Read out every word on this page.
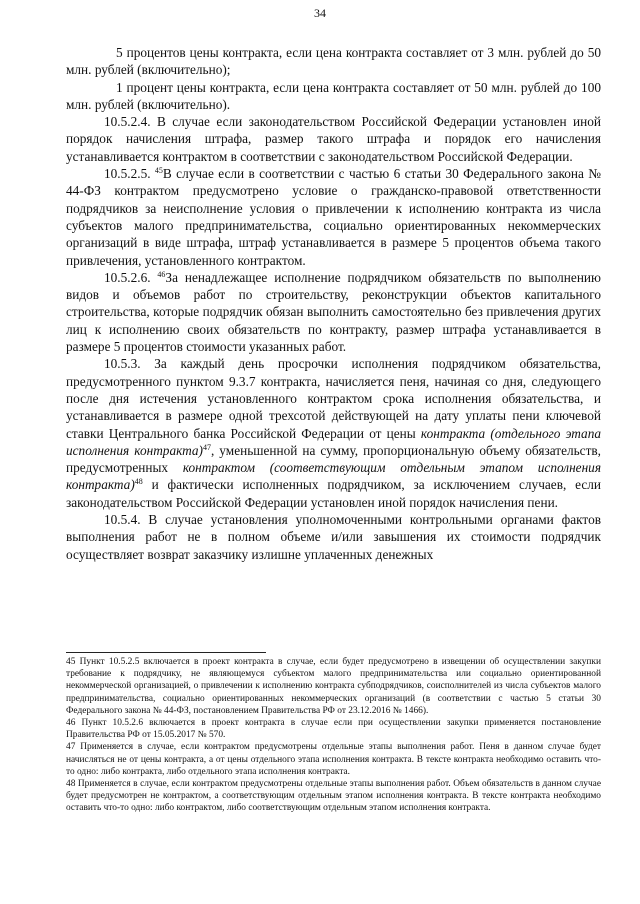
34

5 процентов цены контракта, если цена контракта составляет от 3 млн. рублей до 50 млн. рублей (включительно);

1 процент цены контракта, если цена контракта составляет от 50 млн. рублей до 100 млн. рублей (включительно).

10.5.2.4. В случае если законодательством Российской Федерации установлен иной порядок начисления штрафа, размер такого штрафа и порядок его начисления устанавливается контрактом в соответствии с законодательством Российской Федерации.

10.5.2.5. $^{45}$В случае если в соответствии с частью 6 статьи 30 Федерального закона № 44-ФЗ контрактом предусмотрено условие о гражданско-правовой ответственности подрядчиков за неисполнение условия о привлечении к исполнению контракта из числа субъектов малого предпринимательства, социально ориентированных некоммерческих организаций в виде штрафа, штраф устанавливается в размере 5 процентов объема такого привлечения, установленного контрактом.

10.5.2.6. $^{46}$За ненадлежащее исполнение подрядчиком обязательств по выполнению видов и объемов работ по строительству, реконструкции объектов капитального строительства, которые подрядчик обязан выполнить самостоятельно без привлечения других лиц к исполнению своих обязательств по контракту, размер штрафа устанавливается в размере 5 процентов стоимости указанных работ.

10.5.3. За каждый день просрочки исполнения подрядчиком обязательства, предусмотренного пунктом 9.3.7 контракта, начисляется пеня, начиная со дня, следующего после дня истечения установленного контрактом срока исполнения обязательства, и устанавливается в размере одной трехсотой действующей на дату уплаты пени ключевой ставки Центрального банка Российской Федерации от цены контракта (отдельного этапа исполнения контракта)$^{47}$, уменьшенной на сумму, пропорциональную объему обязательств, предусмотренных контрактом (соответствующим отдельным этапом исполнения контракта)$^{48}$ и фактически исполненных подрядчиком, за исключением случаев, если законодательством Российской Федерации установлен иной порядок начисления пени.

10.5.4. В случае установления уполномоченными контрольными органами фактов выполнения работ не в полном объеме и/или завышения их стоимости подрядчик осуществляет возврат заказчику излишне уплаченных денежных

45 Пункт 10.5.2.5 включается в проект контракта в случае, если будет предусмотрено в извещении об осуществлении закупки требование к подрядчику, не являющемуся субъектом малого предпринимательства или социально ориентированной некоммерческой организацией, о привлечении к исполнению контракта субподрядчиков, соисполнителей из числа субъектов малого предпринимательства, социально ориентированных некоммерческих организаций (в соответствии с частью 5 статьи 30 Федерального закона № 44-ФЗ, постановлением Правительства РФ от 23.12.2016 № 1466).

46 Пункт 10.5.2.6 включается в проект контракта в случае если при осуществлении закупки применяется постановление Правительства РФ от 15.05.2017 № 570.

47 Применяется в случае, если контрактом предусмотрены отдельные этапы выполнения работ. Пеня в данном случае будет начисляться не от цены контракта, а от цены отдельного этапа исполнения контракта. В тексте контракта необходимо оставить что-то одно: либо контракта, либо отдельного этапа исполнения контракта.

48 Применяется в случае, если контрактом предусмотрены отдельные этапы выполнения работ. Объем обязательств в данном случае будет предусмотрен не контрактом, а соответствующим отдельным этапом исполнения контракта. В тексте контракта необходимо оставить что-то одно: либо контрактом, либо соответствующим отдельным этапом исполнения контракта.
